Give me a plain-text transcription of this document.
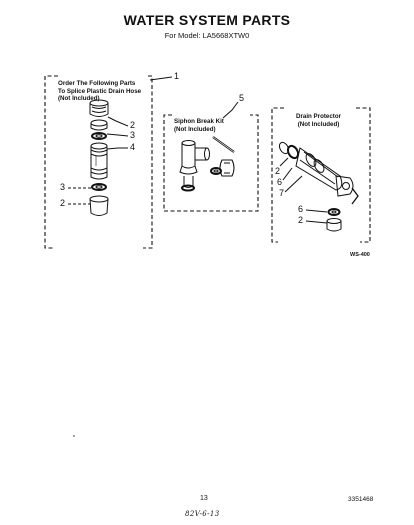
WATER SYSTEM PARTS
For Model: LA5668XTW0
Order The Following Parts
To Splice Plastic Drain Hose
(Not Included)
Siphon Break Kit
(Not Included)
Drain Protector
(Not Included)
1
5
2
3
4
3
2
2
6
7
6
2
WS-400
13	3351468
82V-6-13
